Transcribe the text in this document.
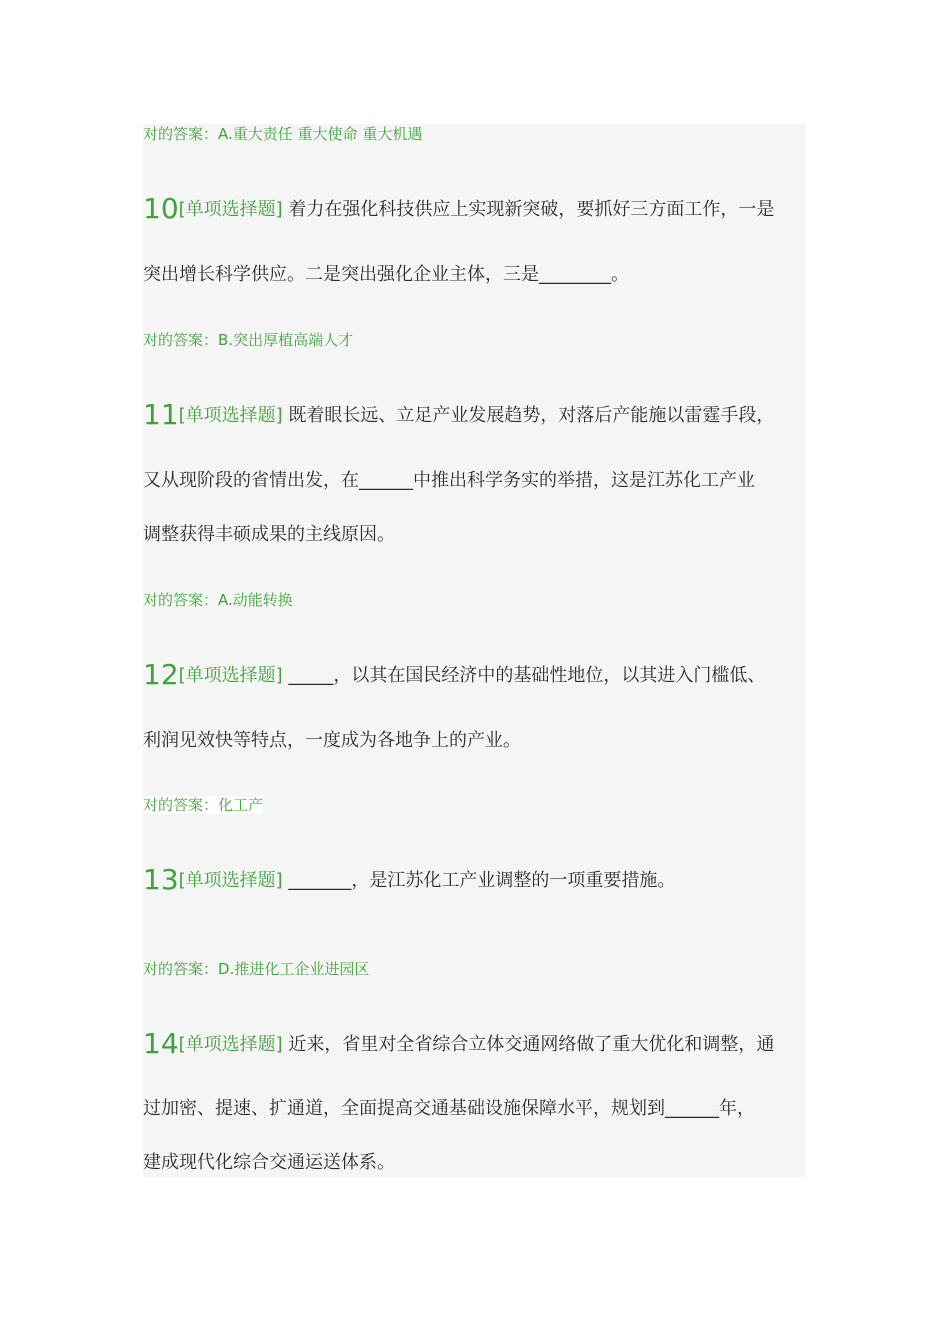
对的答案：A.重大责任 重大使命 重大机遇
10[单项选择题] 着力在强化科技供应上实现新突破，要抓好三方面工作，一是
突出增长科学供应。二是突出强化企业主体，三是________。
对的答案：B.突出厚植高端人才
11[单项选择题] 既着眼长远、立足产业发展趋势，对落后产能施以雷霆手段，
又从现阶段的省情出发，在______中推出科学务实的举措，这是江苏化工产业
调整获得丰硕成果的主线原因。
对的答案：A.动能转换
12[单项选择题] _____，以其在国民经济中的基础性地位，以其进入门槛低、
利润见效快等特点，一度成为各地争上的产业。
对的答案：化工产
13[单项选择题] _______，是江苏化工产业调整的一项重要措施。
对的答案：D.推进化工企业进园区
14[单项选择题] 近来，省里对全省综合立体交通网络做了重大优化和调整，通
过加密、提速、扩通道，全面提高交通基础设施保障水平，规划到______年，
建成现代化综合交通运送体系。
